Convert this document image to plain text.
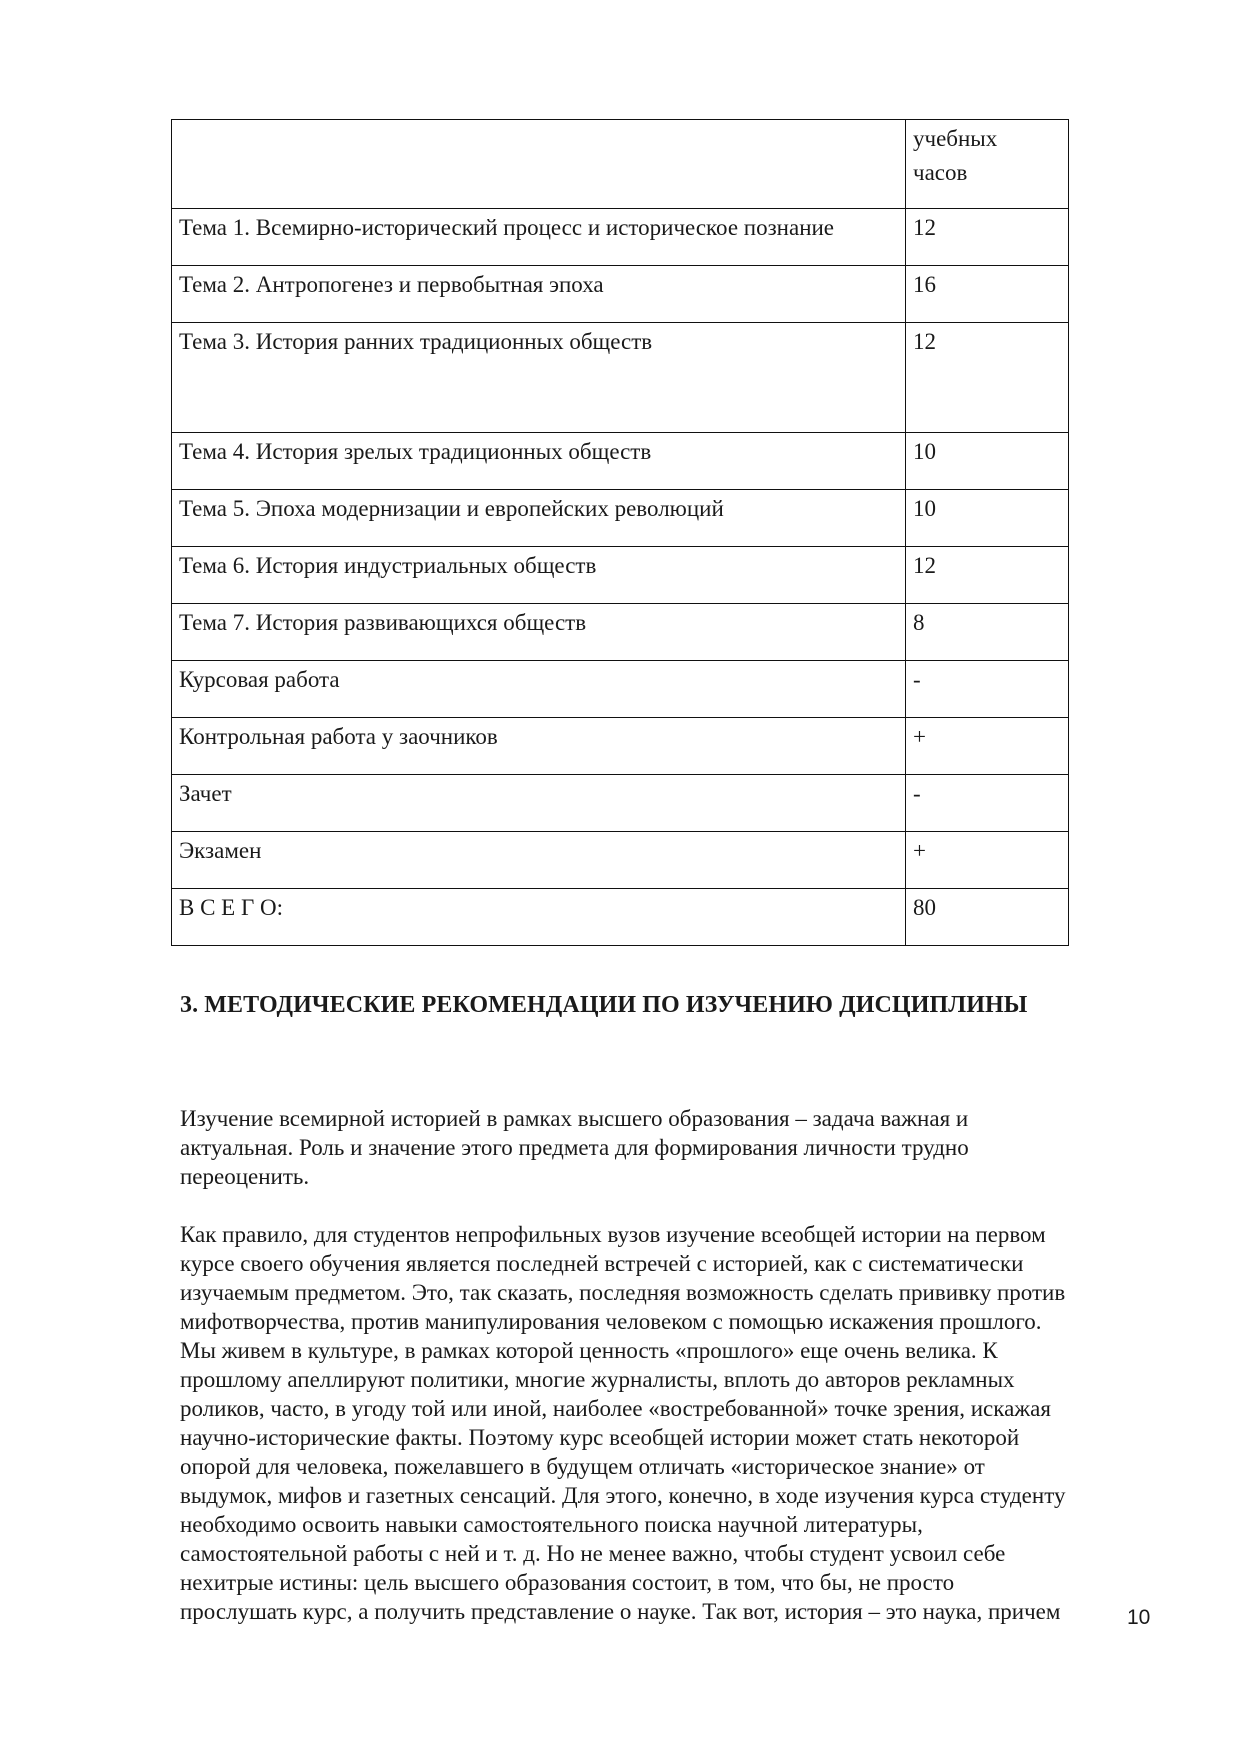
	учебных
часов
Тема 1. Всемирно-исторический процесс и историческое познание	12
Тема 2. Антропогенез и первобытная эпоха	16
Тема 3. История ранних традиционных обществ	12
Тема 4. История зрелых традиционных обществ	10
Тема 5. Эпоха модернизации и европейских революций	10
Тема 6. История индустриальных обществ	12
Тема 7. История развивающихся обществ	8
Курсовая работа	-
Контрольная работа у заочников	+
Зачет	-
Экзамен	+
В С Е Г О:	80
3. МЕТОДИЧЕСКИЕ РЕКОМЕНДАЦИИ ПО ИЗУЧЕНИЮ ДИСЦИПЛИНЫ
Изучение всемирной историей в рамках высшего образования – задача важная и
актуальная. Роль и значение этого предмета для формирования личности трудно
переоценить.
Как правило, для студентов непрофильных вузов изучение всеобщей истории на первом
курсе своего обучения является последней встречей с историей, как с систематически
изучаемым предметом. Это, так сказать, последняя возможность сделать прививку против
мифотворчества, против манипулирования человеком с помощью искажения прошлого.
Мы живем в культуре, в рамках которой ценность «прошлого» еще очень велика. К
прошлому апеллируют политики, многие журналисты, вплоть до авторов рекламных
роликов, часто, в угоду той или иной, наиболее «востребованной» точке зрения, искажая
научно-исторические факты. Поэтому курс всеобщей истории может стать некоторой
опорой для человека, пожелавшего в будущем отличать «историческое знание» от
выдумок, мифов и газетных сенсаций. Для этого, конечно, в ходе изучения курса студенту
необходимо освоить навыки самостоятельного поиска научной литературы,
самостоятельной работы с ней и т. д. Но не менее важно, чтобы студент усвоил себе
нехитрые истины: цель высшего образования состоит, в том, что бы, не просто
прослушать курс, а получить представление о науке. Так вот, история – это наука, причем	10
